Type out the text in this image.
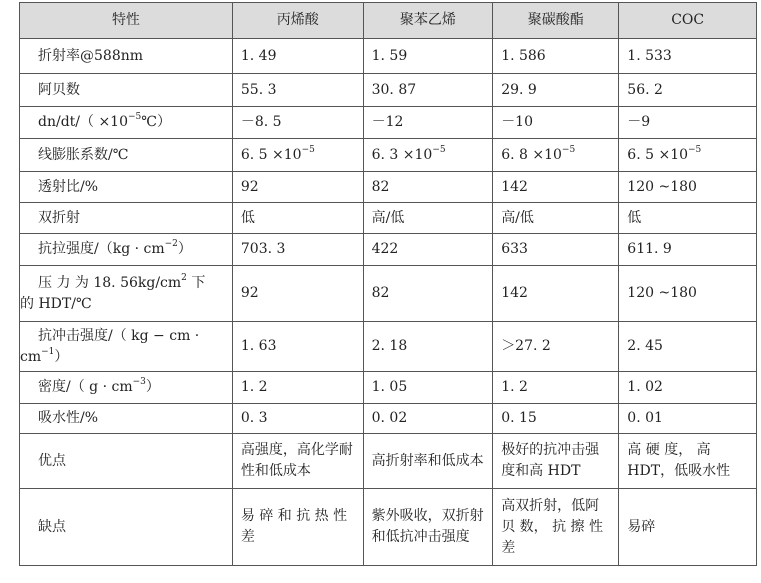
特性	丙烯酸	聚苯乙烯	聚碳酸酯	COC
折射率@588nm	1. 49	1. 59	1. 586	1. 533
阿贝数	55. 3	30. 87	29. 9	56. 2
$dn/dt/( \times 10^{-5}℃)$	－8. 5	－12	－10	－9
线膨胀系数/℃	6. $5 \times 10^{-5}$	6. $3 \times 10^{-5}$	6. $8 \times 10^{-5}$	6. $5 \times 10^{-5}$
透射比/%	92	82	142	120 ~180
双折射	低	高/低	高/低	低
抗拉强度$/(kg \cdot cm^{-2})$	703. 3	422	633	611. 9
压 力 为 18. $56kg/cm^2$ 下
的 HDT/℃	92	82	142	120 ~180
抗冲击强度/（ kg − cm ·
$cm^{-1}$）	1. 63	2. 18	＞27. 2	2. 45
密度/（ $g \cdot cm^{-3}$）	1. 2	1. 05	1. 2	1. 02
吸水性/%	0. 3	0. 02	0. 15	0. 01
优点	高强度，高化学耐性和低成本	高折射率和低成本	极好的抗冲击强度和高 HDT	高 硬 度， 高 HDT，低吸水性
缺点	易 碎 和 抗 热 性差	紫外吸收，双折射和低抗冲击强度	高双折射，低阿 贝 数， 抗 擦 性差	易碎
